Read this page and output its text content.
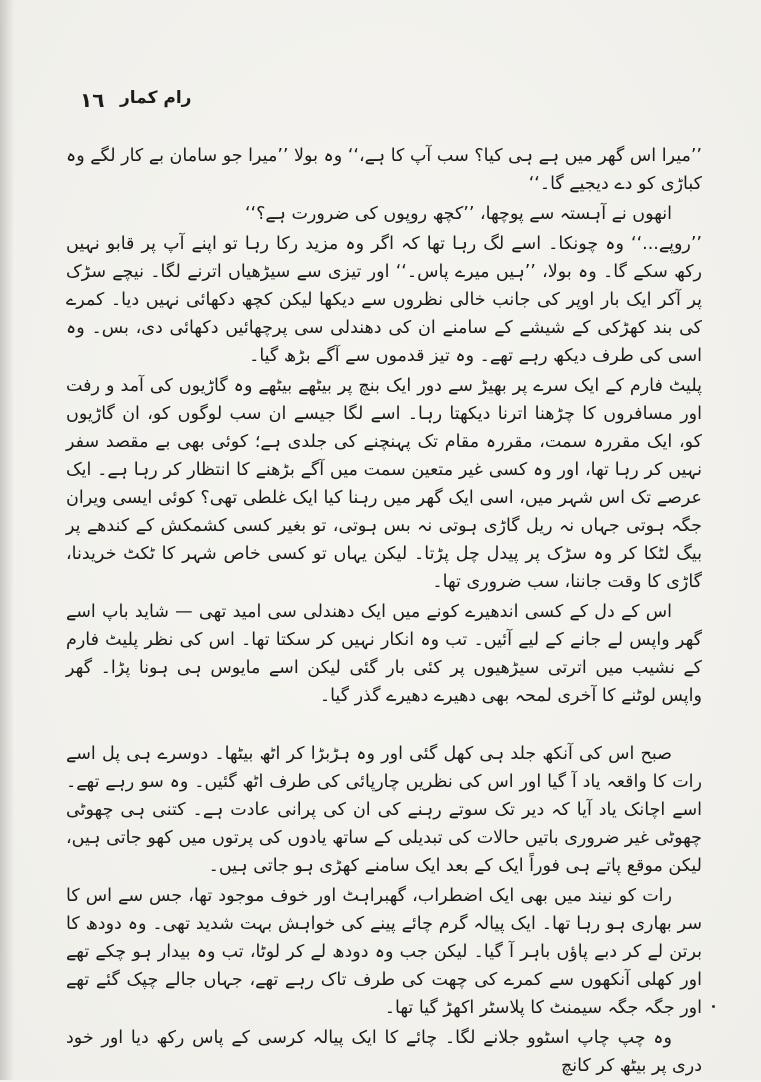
١٦ رام کمار

’’میرا اس گھر میں ہے ہی کیا؟ سب آپ کا ہے،‘‘ وہ بولا ’’میرا جو سامان بے کار لگے وہ کباڑی کو دے دیجیے گا۔‘‘

انھوں نے آہستہ سے پوچھا، ’’کچھ روپوں کی ضرورت ہے؟‘‘

’’روپے...‘‘ وہ چونکا۔ اسے لگ رہا تھا کہ اگر وہ مزید رکا رہا تو اپنے آپ پر قابو نہیں رکھ سکے گا۔ وہ بولا، ’’ہیں میرے پاس۔‘‘ اور تیزی سے سیڑھیاں اترنے لگا۔ نیچے سڑک پر آکر ایک بار اوپر کی جانب خالی نظروں سے دیکھا لیکن کچھ دکھائی نہیں دیا۔ کمرے کی بند کھڑکی کے شیشے کے سامنے ان کی دھندلی سی پرچھائیں دکھائی دی، بس۔ وہ اسی کی طرف دیکھ رہے تھے۔ وہ تیز قدموں سے آگے بڑھ گیا۔

پلیٹ فارم کے ایک سرے پر بھیڑ سے دور ایک بنچ پر بیٹھے بیٹھے وہ گاڑیوں کی آمد و رفت اور مسافروں کا چڑھنا اترنا دیکھتا رہا۔ اسے لگا جیسے ان سب لوگوں کو، ان گاڑیوں کو، ایک مقررہ سمت، مقررہ مقام تک پہنچنے کی جلدی ہے؛ کوئی بھی بے مقصد سفر نہیں کر رہا تھا، اور وہ کسی غیر متعین سمت میں آگے بڑھنے کا انتظار کر رہا ہے۔ ایک عرصے تک اس شہر میں، اسی ایک گھر میں رہنا کیا ایک غلطی تھی؟ کوئی ایسی ویران جگہ ہوتی جہاں نہ ریل گاڑی ہوتی نہ بس ہوتی، تو بغیر کسی کشمکش کے کندھے پر بیگ لٹکا کر وہ سڑک پر پیدل چل پڑتا۔ لیکن یہاں تو کسی خاص شہر کا ٹکٹ خریدنا، گاڑی کا وقت جاننا، سب ضروری تھا۔

اس کے دل کے کسی اندھیرے کونے میں ایک دھندلی سی امید تھی — شاید باپ اسے گھر واپس لے جانے کے لیے آئیں۔ تب وہ انکار نہیں کر سکتا تھا۔ اس کی نظر پلیٹ فارم کے نشیب میں اترتی سیڑھیوں پر کئی بار گئی لیکن اسے مایوس ہی ہونا پڑا۔ گھر واپس لوٹنے کا آخری لمحہ بھی دھیرے دھیرے گذر گیا۔

صبح اس کی آنکھ جلد ہی کھل گئی اور وہ ہڑبڑا کر اٹھ بیٹھا۔ دوسرے ہی پل اسے رات کا واقعہ یاد آ گیا اور اس کی نظریں چارپائی کی طرف اٹھ گئیں۔ وہ سو رہے تھے۔ اسے اچانک یاد آیا کہ دیر تک سوتے رہنے کی ان کی پرانی عادت ہے۔ کتنی ہی چھوٹی چھوٹی غیر ضروری باتیں حالات کی تبدیلی کے ساتھ یادوں کی پرتوں میں کھو جاتی ہیں، لیکن موقع پاتے ہی فوراً ایک کے بعد ایک سامنے کھڑی ہو جاتی ہیں۔

رات کو نیند میں بھی ایک اضطراب، گھبراہٹ اور خوف موجود تھا، جس سے اس کا سر بھاری ہو رہا تھا۔ ایک پیالہ گرم چائے پینے کی خواہش بہت شدید تھی۔ وہ دودھ کا برتن لے کر دبے پاؤں باہر آ گیا۔ لیکن جب وہ دودھ لے کر لوٹا، تب وہ بیدار ہو چکے تھے اور کھلی آنکھوں سے کمرے کی چھت کی طرف تاک رہے تھے، جہاں جالے چپک گئے تھے اور جگہ جگہ سیمنٹ کا پلاسٹر اکھڑ گیا تھا۔

وہ چپ چاپ اسٹوو جلانے لگا۔ چائے کا ایک پیالہ کرسی کے پاس رکھ دیا اور خود دری پر بیٹھ کر کانچ
